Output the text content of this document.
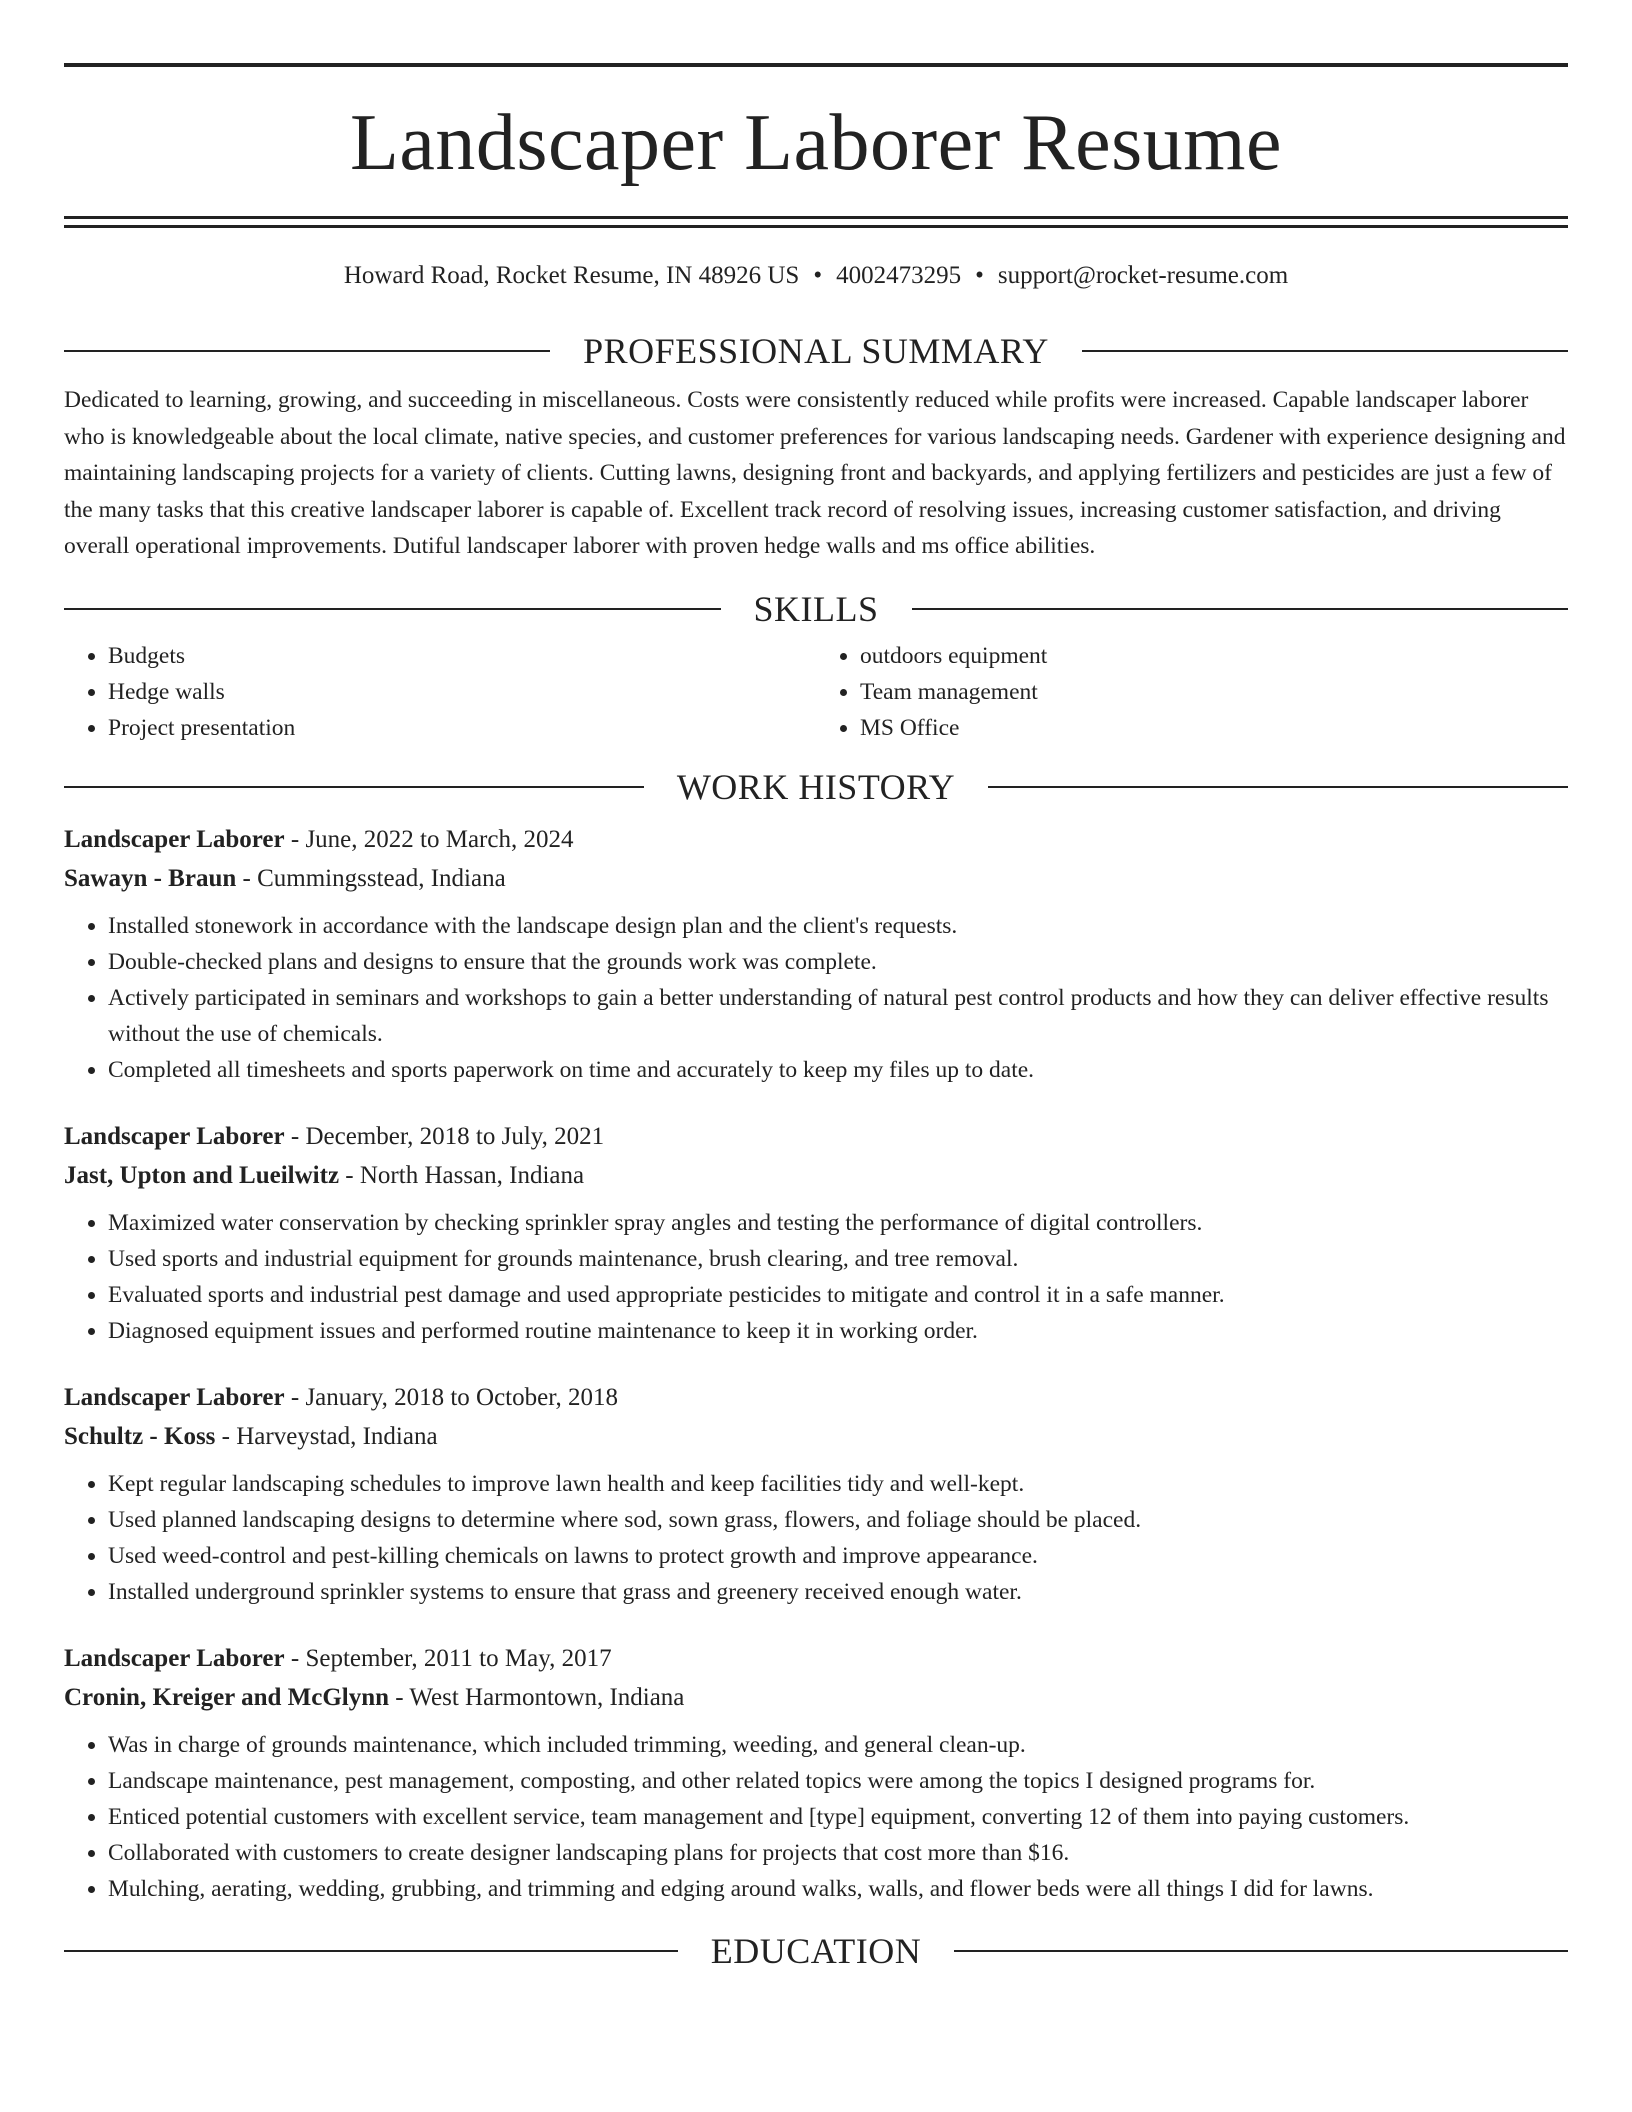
Landscaper Laborer Resume
Howard Road, Rocket Resume, IN 48926 US • 4002473295 • support@rocket-resume.com
PROFESSIONAL SUMMARY
Dedicated to learning, growing, and succeeding in miscellaneous. Costs were consistently reduced while profits were increased. Capable landscaper laborer who is knowledgeable about the local climate, native species, and customer preferences for various landscaping needs. Gardener with experience designing and maintaining landscaping projects for a variety of clients. Cutting lawns, designing front and backyards, and applying fertilizers and pesticides are just a few of the many tasks that this creative landscaper laborer is capable of. Excellent track record of resolving issues, increasing customer satisfaction, and driving overall operational improvements. Dutiful landscaper laborer with proven hedge walls and ms office abilities.
SKILLS
• Budgets
• Hedge walls
• Project presentation
• outdoors equipment
• Team management
• MS Office
WORK HISTORY
Landscaper Laborer - June, 2022 to March, 2024
Sawayn - Braun - Cummingsstead, Indiana
• Installed stonework in accordance with the landscape design plan and the client's requests.
• Double-checked plans and designs to ensure that the grounds work was complete.
• Actively participated in seminars and workshops to gain a better understanding of natural pest control products and how they can deliver effective results without the use of chemicals.
• Completed all timesheets and sports paperwork on time and accurately to keep my files up to date.
Landscaper Laborer - December, 2018 to July, 2021
Jast, Upton and Lueilwitz - North Hassan, Indiana
• Maximized water conservation by checking sprinkler spray angles and testing the performance of digital controllers.
• Used sports and industrial equipment for grounds maintenance, brush clearing, and tree removal.
• Evaluated sports and industrial pest damage and used appropriate pesticides to mitigate and control it in a safe manner.
• Diagnosed equipment issues and performed routine maintenance to keep it in working order.
Landscaper Laborer - January, 2018 to October, 2018
Schultz - Koss - Harveystad, Indiana
• Kept regular landscaping schedules to improve lawn health and keep facilities tidy and well-kept.
• Used planned landscaping designs to determine where sod, sown grass, flowers, and foliage should be placed.
• Used weed-control and pest-killing chemicals on lawns to protect growth and improve appearance.
• Installed underground sprinkler systems to ensure that grass and greenery received enough water.
Landscaper Laborer - September, 2011 to May, 2017
Cronin, Kreiger and McGlynn - West Harmontown, Indiana
• Was in charge of grounds maintenance, which included trimming, weeding, and general clean-up.
• Landscape maintenance, pest management, composting, and other related topics were among the topics I designed programs for.
• Enticed potential customers with excellent service, team management and [type] equipment, converting 12 of them into paying customers.
• Collaborated with customers to create designer landscaping plans for projects that cost more than $16.
• Mulching, aerating, wedding, grubbing, and trimming and edging around walks, walls, and flower beds were all things I did for lawns.
EDUCATION
